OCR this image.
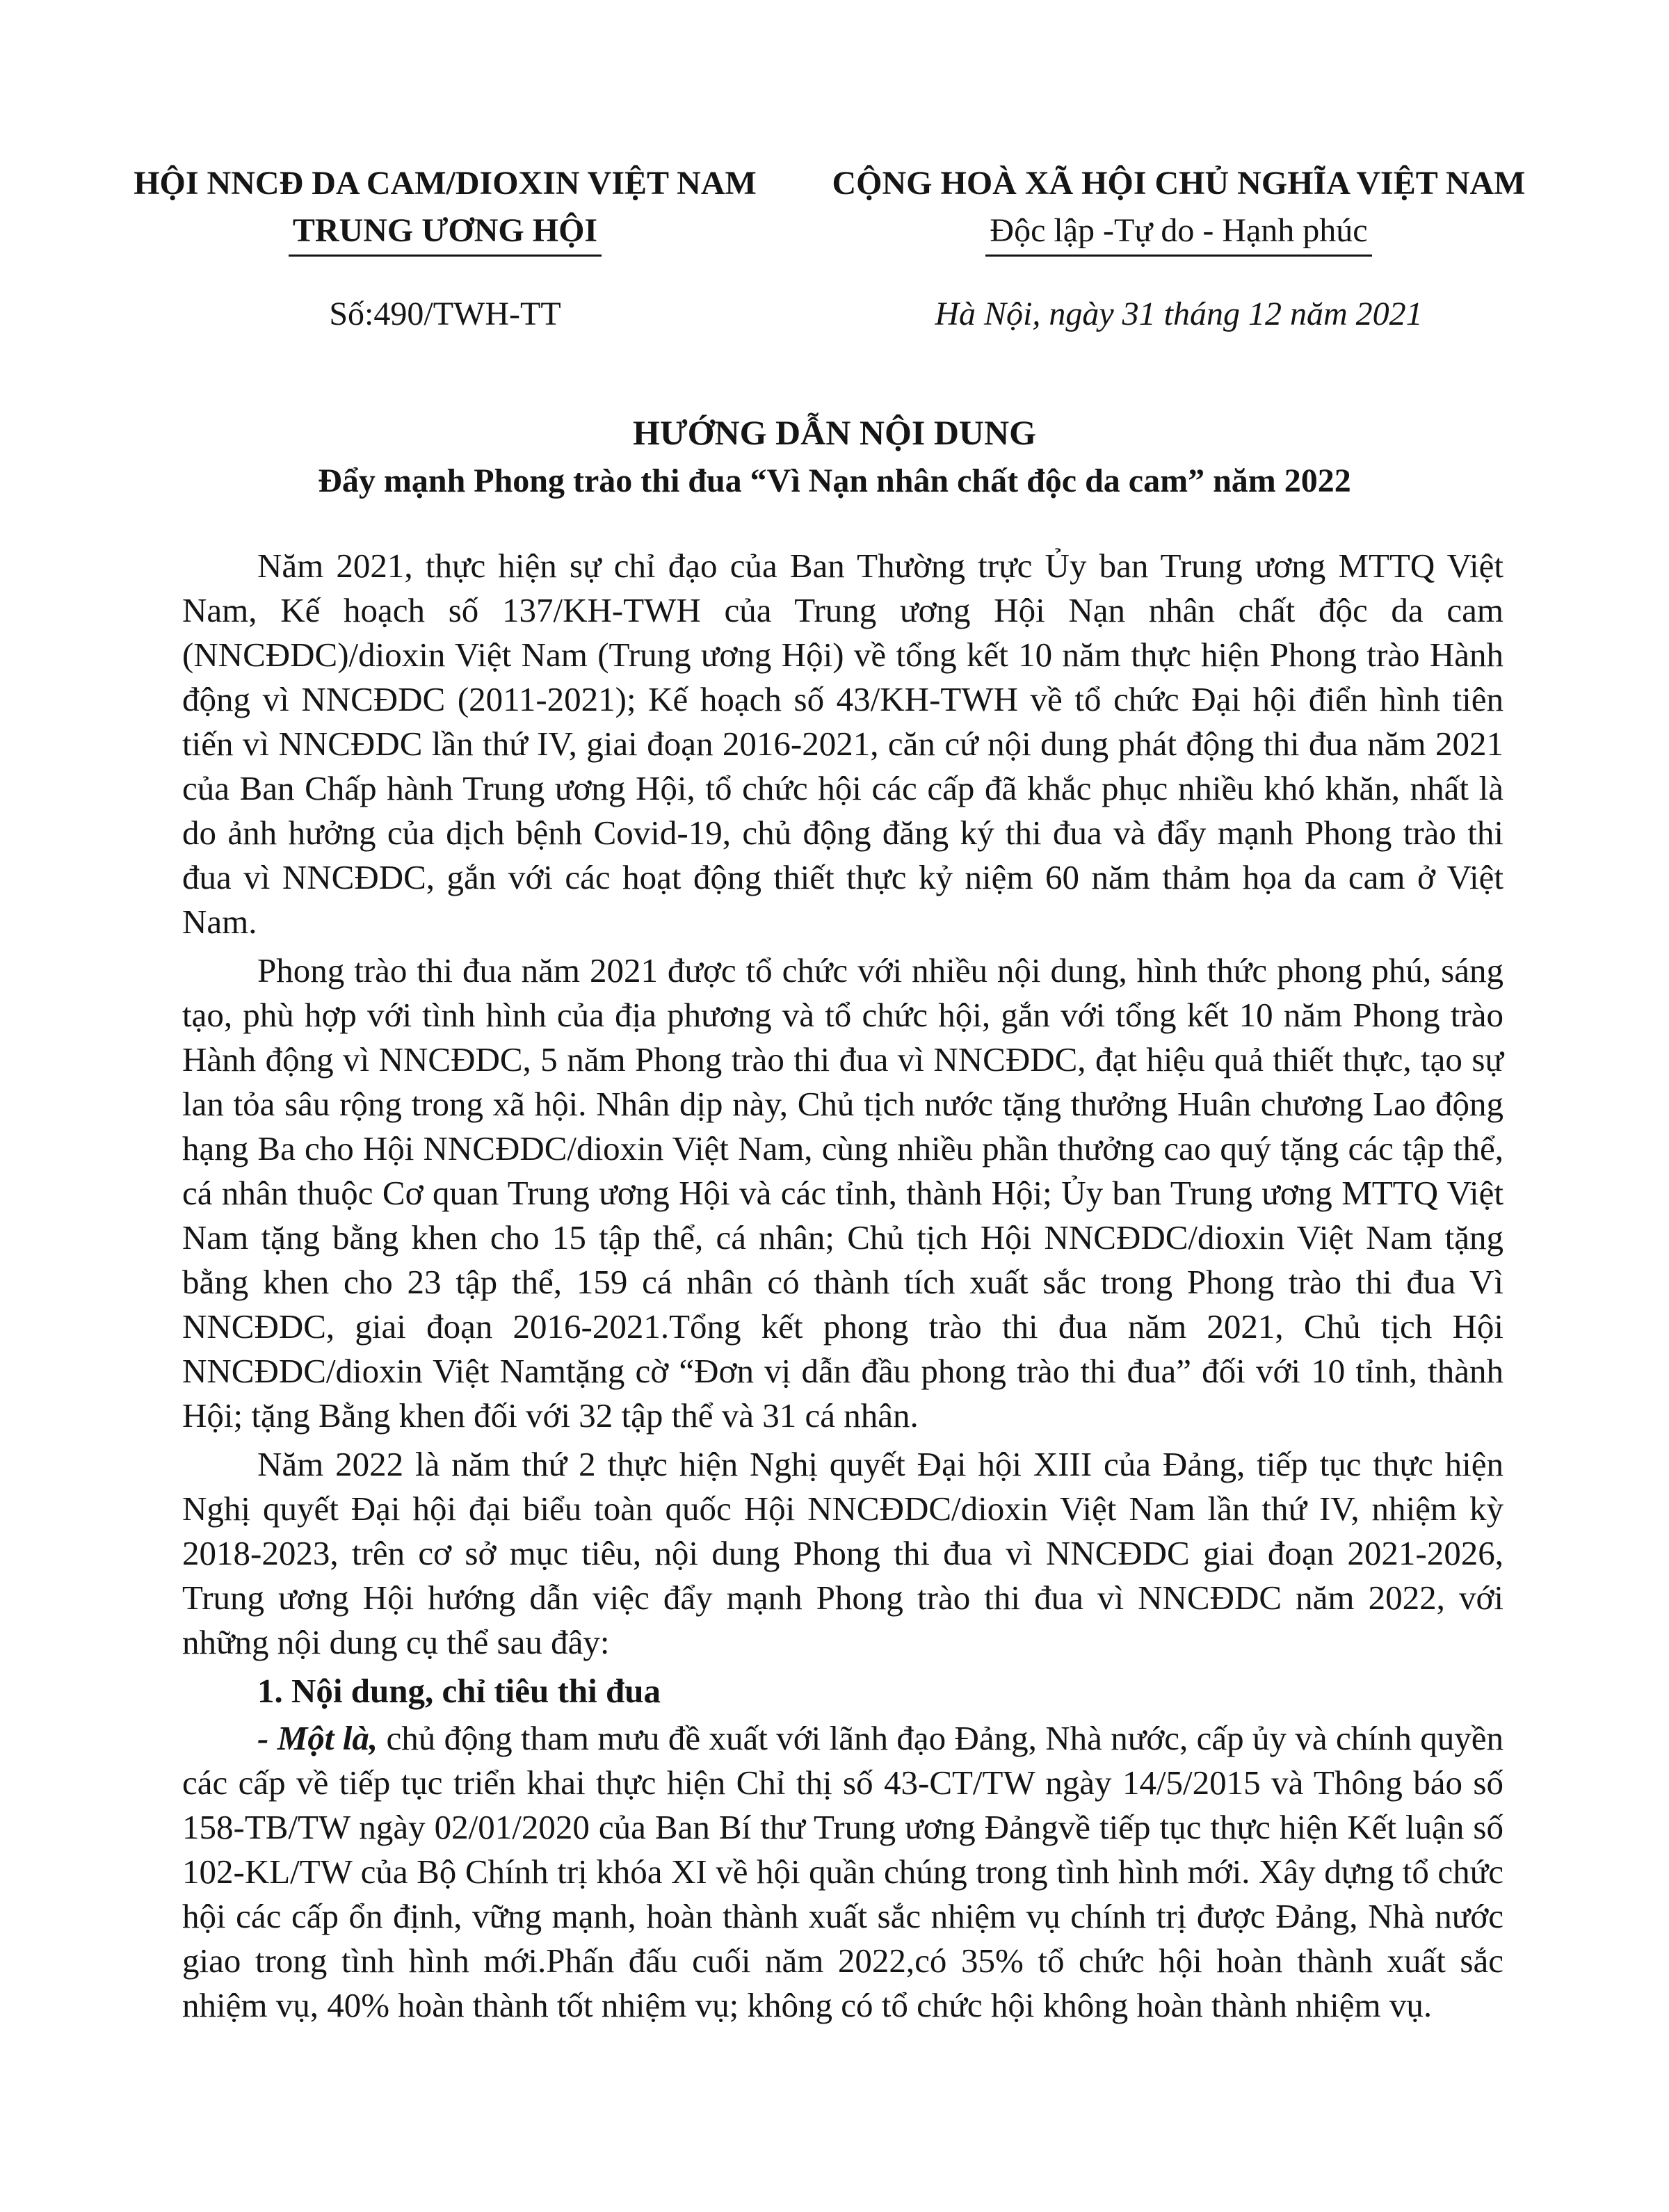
HỘI NNCĐ DA CAM/DIOXIN VIỆT NAM
TRUNG ƯƠNG HỘI
CỘNG HOÀ XÃ HỘI CHỦ NGHĨA VIỆT NAM
Độc lập -Tự do - Hạnh phúc
Số:490/TWH-TT	Hà Nội, ngày 31 tháng 12 năm 2021
HƯỚNG DẪN NỘI DUNG
Đẩy mạnh Phong trào thi đua “Vì Nạn nhân chất độc da cam” năm 2022

Năm 2021, thực hiện sự chỉ đạo của Ban Thường trực Ủy ban Trung ương MTTQ Việt Nam, Kế hoạch số 137/KH-TWH của Trung ương Hội Nạn nhân chất độc da cam (NNCĐDC)/dioxin Việt Nam (Trung ương Hội) về tổng kết 10 năm thực hiện Phong trào Hành động vì NNCĐDC (2011-2021); Kế hoạch số 43/KH-TWH về tổ chức Đại hội điển hình tiên tiến vì NNCĐDC lần thứ IV, giai đoạn 2016-2021, căn cứ nội dung phát động thi đua năm 2021 của Ban Chấp hành Trung ương Hội, tổ chức hội các cấp đã khắc phục nhiều khó khăn, nhất là do ảnh hưởng của dịch bệnh Covid-19, chủ động đăng ký thi đua và đẩy mạnh Phong trào thi đua vì NNCĐDC, gắn với các hoạt động thiết thực kỷ niệm 60 năm thảm họa da cam ở Việt Nam.

Phong trào thi đua năm 2021 được tổ chức với nhiều nội dung, hình thức phong phú, sáng tạo, phù hợp với tình hình của địa phương và tổ chức hội, gắn với tổng kết 10 năm Phong trào Hành động vì NNCĐDC, 5 năm Phong trào thi đua vì NNCĐDC, đạt hiệu quả thiết thực, tạo sự lan tỏa sâu rộng trong xã hội. Nhân dịp này, Chủ tịch nước tặng thưởng Huân chương Lao động hạng Ba cho Hội NNCĐDC/dioxin Việt Nam, cùng nhiều phần thưởng cao quý tặng các tập thể, cá nhân thuộc Cơ quan Trung ương Hội và các tỉnh, thành Hội; Ủy ban Trung ương MTTQ Việt Nam tặng bằng khen cho 15 tập thể, cá nhân; Chủ tịch Hội NNCĐDC/dioxin Việt Nam tặng bằng khen cho 23 tập thể, 159 cá nhân có thành tích xuất sắc trong Phong trào thi đua Vì NNCĐDC, giai đoạn 2016-2021.Tổng kết phong trào thi đua năm 2021, Chủ tịch Hội NNCĐDC/dioxin Việt Namtặng cờ “Đơn vị dẫn đầu phong trào thi đua” đối với 10 tỉnh, thành Hội; tặng Bằng khen đối với 32 tập thể và 31 cá nhân.

Năm 2022 là năm thứ 2 thực hiện Nghị quyết Đại hội XIII của Đảng, tiếp tục thực hiện Nghị quyết Đại hội đại biểu toàn quốc Hội NNCĐDC/dioxin Việt Nam lần thứ IV, nhiệm kỳ 2018-2023, trên cơ sở mục tiêu, nội dung Phong thi đua vì NNCĐDC giai đoạn 2021-2026, Trung ương Hội hướng dẫn việc đẩy mạnh Phong trào thi đua vì NNCĐDC năm 2022, với những nội dung cụ thể sau đây:

1. Nội dung, chỉ tiêu thi đua

- Một là, chủ động tham mưu đề xuất với lãnh đạo Đảng, Nhà nước, cấp ủy và chính quyền các cấp về tiếp tục triển khai thực hiện Chỉ thị số 43-CT/TW ngày 14/5/2015 và Thông báo số 158-TB/TW ngày 02/01/2020 của Ban Bí thư Trung ương Đảngvề tiếp tục thực hiện Kết luận số 102-KL/TW của Bộ Chính trị khóa XI về hội quần chúng trong tình hình mới. Xây dựng tổ chức hội các cấp ổn định, vững mạnh, hoàn thành xuất sắc nhiệm vụ chính trị được Đảng, Nhà nước giao trong tình hình mới.Phấn đấu cuối năm 2022,có 35% tổ chức hội hoàn thành xuất sắc nhiệm vụ, 40% hoàn thành tốt nhiệm vụ; không có tổ chức hội không hoàn thành nhiệm vụ.
